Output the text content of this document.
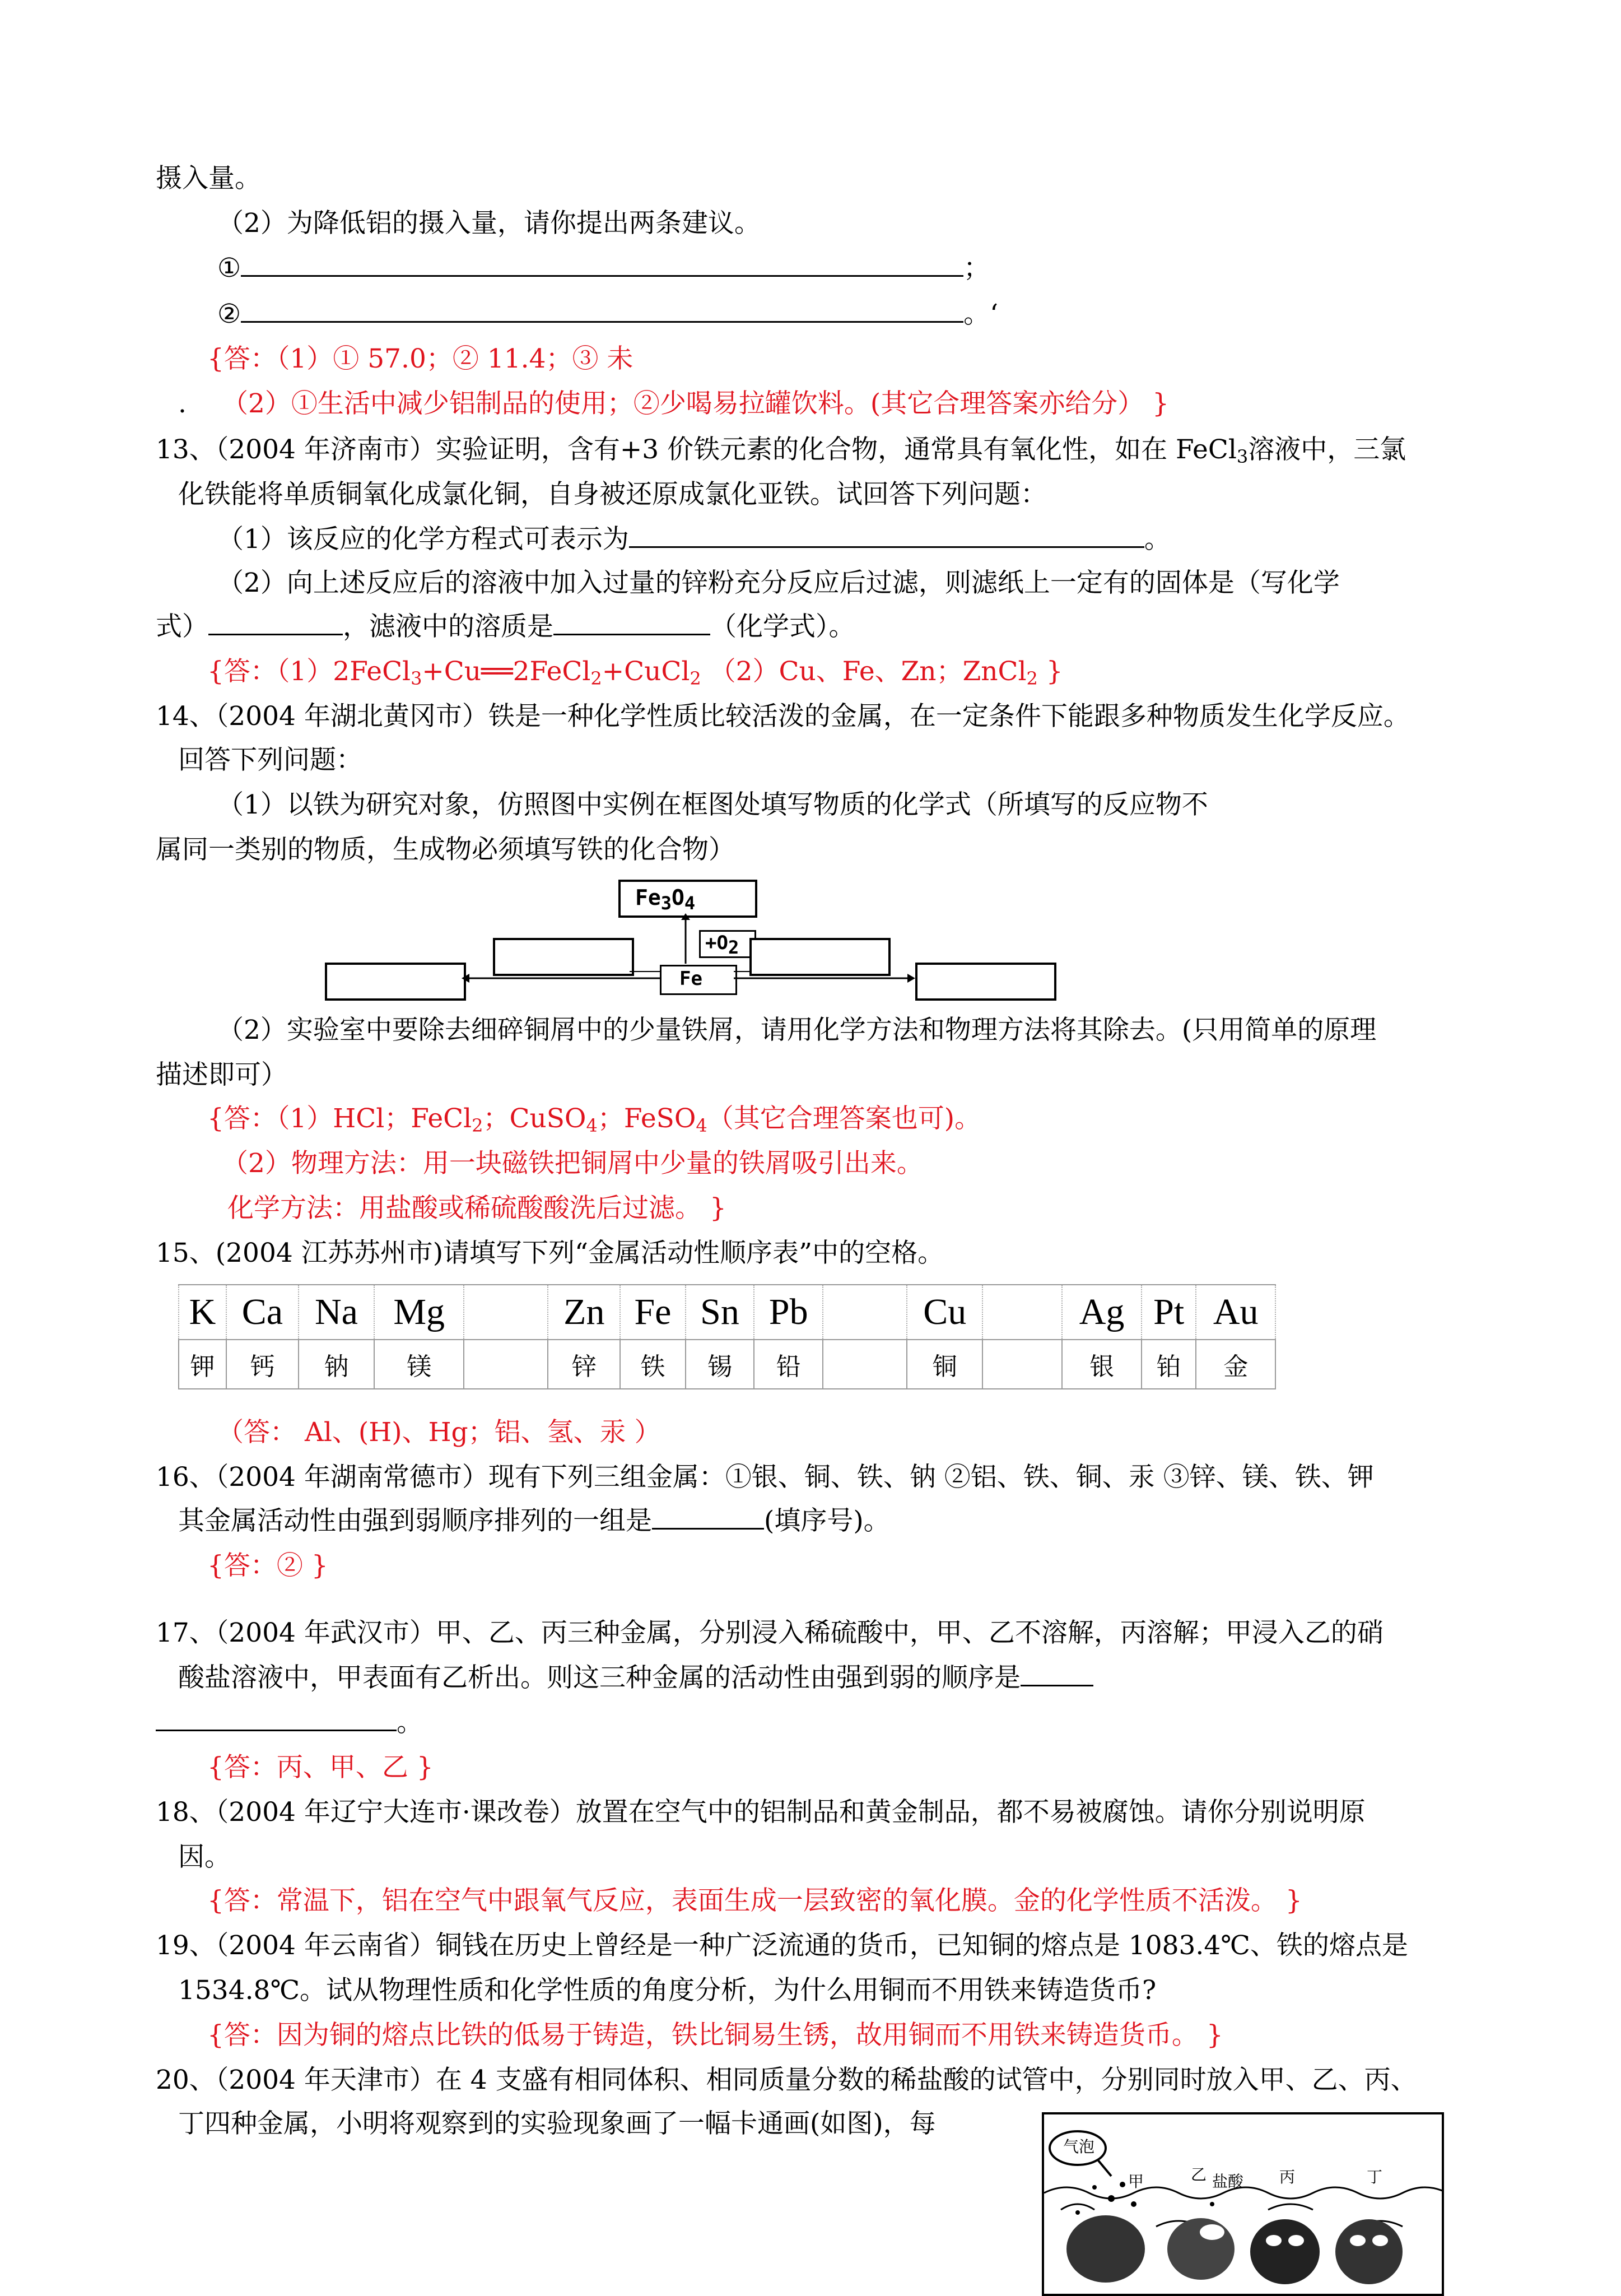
摄入量。
（2）为降低铝的摄入量，请你提出两条建议。
①	；
②	。‘
{答：（1）① 57.0；② 11.4；③ 未
. （2）①生活中减少铝制品的使用；②少喝易拉罐饮料。(其它合理答案亦给分） }
13、（2004 年济南市）实验证明，含有+3 价铁元素的化合物，通常具有氧化性，如在 FeCl$_3$溶液中，三氯
化铁能将单质铜氧化成氯化铜，自身被还原成氯化亚铁。试回答下列问题：
（1）该反应的化学方程式可表示为	。
（2）向上述反应后的溶液中加入过量的锌粉充分反应后过滤，则滤纸上一定有的固体是（写化学
式）	，滤液中的溶质是	（化学式）。
{答：（1）2FeCl$_3$+Cu══2FeCl$_2$+CuCl$_2$ （2）Cu、Fe、Zn；ZnCl$_2$ }
14、（2004 年湖北黄冈市）铁是一种化学性质比较活泼的金属，在一定条件下能跟多种物质发生化学反应。
回答下列问题：
（1）以铁为研究对象，仿照图中实例在框图处填写物质的化学式（所填写的反应物不
属同一类别的物质，生成物必须填写铁的化合物）
$Fe_3O_4$
$+O_2$
Fe
（2）实验室中要除去细碎铜屑中的少量铁屑，请用化学方法和物理方法将其除去。(只用简单的原理
描述即可）
{答：（1）HCl；FeCl$_2$；CuSO$_4$；FeSO$_4$（其它合理答案也可)。
（2）物理方法：用一块磁铁把铜屑中少量的铁屑吸引出来。
化学方法：用盐酸或稀硫酸酸洗后过滤。 }
15、(2004 江苏苏州市)请填写下列“金属活动性顺序表”中的空格。
K	Ca	Na	Mg		Zn	Fe	Sn	Pb		Cu		Ag	Pt	Au
钾	钙	钠	镁		锌	铁	锡	铅		铜		银	铂	金
（答： Al、(H)、Hg；铝、氢、汞 ）
16、（2004 年湖南常德市）现有下列三组金属：①银、铜、铁、钠 ②铝、铁、铜、汞 ③锌、镁、铁、钾
其金属活动性由强到弱顺序排列的一组是	(填序号)。
{答：② }
17、（2004 年武汉市）甲、乙、丙三种金属，分别浸入稀硫酸中，甲、乙不溶解，丙溶解；甲浸入乙的硝
酸盐溶液中，甲表面有乙析出。则这三种金属的活动性由强到弱的顺序是
。
{答：丙、甲、乙 }
18、（2004 年辽宁大连市·课改卷）放置在空气中的铝制品和黄金制品，都不易被腐蚀。请你分别说明原
因。
{答：常温下，铝在空气中跟氧气反应，表面生成一层致密的氧化膜。金的化学性质不活泼。 }
19、（2004 年云南省）铜钱在历史上曾经是一种广泛流通的货币，已知铜的熔点是 1083.4℃、铁的熔点是
1534.8℃。试从物理性质和化学性质的角度分析，为什么用铜而不用铁来铸造货币?
{答：因为铜的熔点比铁的低易于铸造，铁比铜易生锈，故用铜而不用铁来铸造货币。 }
20、（2004 年天津市）在 4 支盛有相同体积、相同质量分数的稀盐酸的试管中，分别同时放入甲、乙、丙、
丁四种金属，小明将观察到的实验现象画了一幅卡通画(如图)，每
气泡
甲	乙 盐酸 丙	丁
